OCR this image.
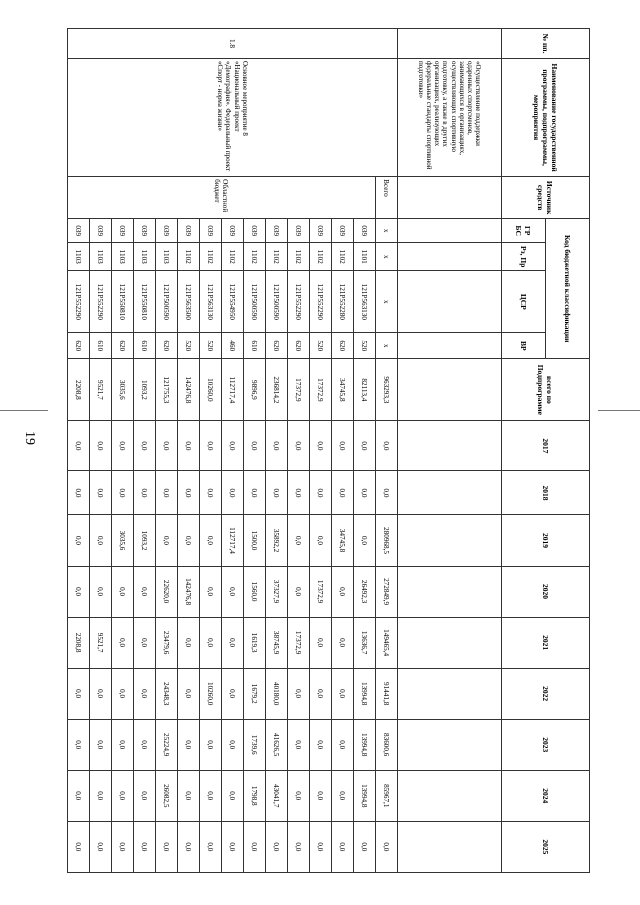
19
№ пп.	Наименование государственной программы, подпрограммы, мероприятия	Источник средств	Код бюджетной классификации				всего по Подпрограмме	2017	2018	2019	2020	2021	2022	2023	2024	2025
			ГР БС	Рз, Пр	ЦСР	ВР										
	«Осуществление поддержки одаренных спортсменов, занимающихся в организациях, осуществляющих спортивную подготовку, а также в других организациях, реализующих федеральные стандарты спортивной подготовки»															
1.8	Основное мероприятие 8 «Национальный проект «Демография». Федеральный проект «Спорт - норма жизни»	Всего	x	x	x	x	963293,3	0,0	0,0	280968,5	272849,9	149465,4	91441,8	83600,6	85967,1	0,0
		Областной бюджет	039	1101	121P563130	520	82113,4	0,0	0,0	0,0	26492,3	13636,7	13994,8	13994,8	13994,8	0,0
			039	1102	121P552280	620	34745,8	0,0	0,0	34745,8	0,0	0,0	0,0	0,0	0,0	0,0
			039	1102	121P552290	520	17372,9	0,0	0,0	0,0	17372,9	0,0	0,0	0,0	0,0	0,0
			039	1102	121P552290	620	17372,9	0,0	0,0	0,0	0,0	17372,9	0,0	0,0	0,0	0,0
			039	1102	121P500590	620	236814,2	0,0	0,0	35892,2	37327,9	38745,9	40180,0	41626,5	43041,7	0,0
			039	1102	121P500590	610	9896,9	0,0	0,0	1500,0	1560,0	1619,3	1679,2	1739,6	1798,8	0,0
			039	1102	121P554950	460	112717,4	0,0	0,0	112717,4	0,0	0,0	0,0	0,0	0,0	0,0
			039	1102	121P563130	520	10260,0	0,0	0,0	0,0	0,0	0,0	10260,0	0,0	0,0	0,0
			039	1102	121P563500	520	142476,8	0,0	0,0	0,0	142476,8	0,0	0,0	0,0	0,0	0,0
			039	1103	121P500590	620	121755,3	0,0	0,0	0,0	22620,0	23479,6	24348,3	25224,9	26082,5	0,0
			039	1103	121P550810	610	1093,2	0,0	0,0	1093,2	0,0	0,0	0,0	0,0	0,0	0,0
			039	1103	121P550810	620	3035,6	0,0	0,0	3035,6	0,0	0,0	0,0	0,0	0,0	0,0
			039	1103	121P552290	610	9521,7	0,0	0,0	0,0	0,0	9521,7	0,0	0,0	0,0	0,0
			039	1103	121P552290	620	2208,8	0,0	0,0	0,0	0,0	2208,8	0,0	0,0	0,0	0,0
